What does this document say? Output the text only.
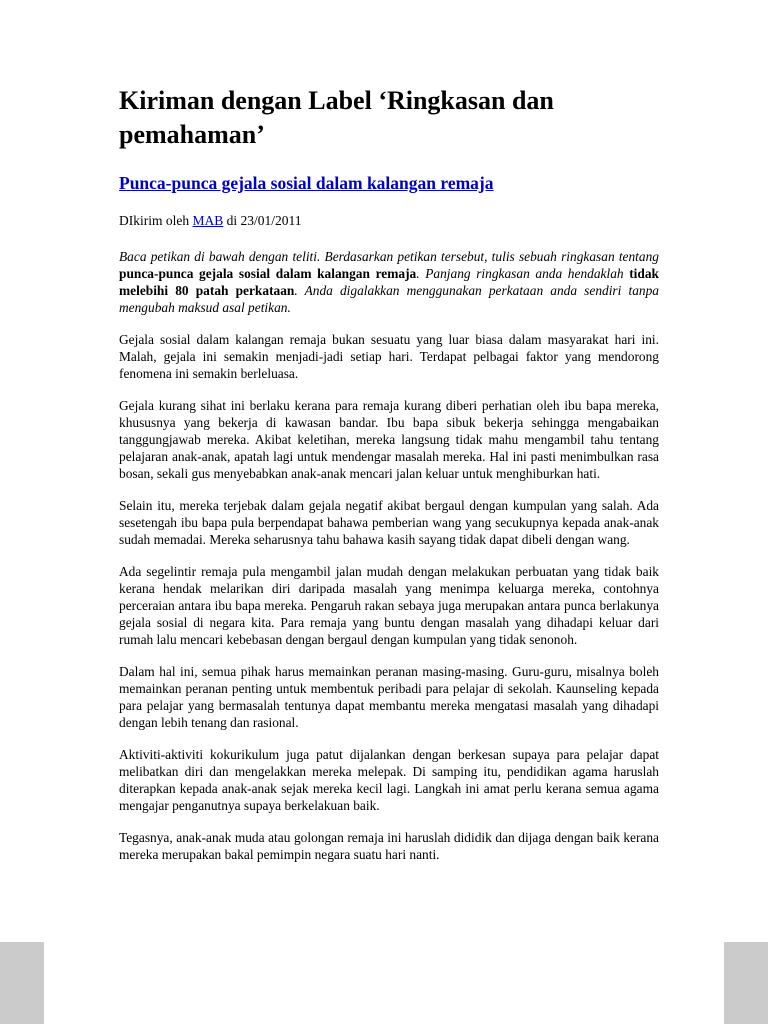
Kiriman dengan Label ‘Ringkasan dan pemahaman’
Punca-punca gejala sosial dalam kalangan remaja

DIkirim oleh MAB di 23/01/2011

Baca petikan di bawah dengan teliti. Berdasarkan petikan tersebut, tulis sebuah ringkasan tentang punca-punca gejala sosial dalam kalangan remaja. Panjang ringkasan anda hendaklah tidak melebihi 80 patah perkataan. Anda digalakkan menggunakan perkataan anda sendiri tanpa mengubah maksud asal petikan.

Gejala sosial dalam kalangan remaja bukan sesuatu yang luar biasa dalam masyarakat hari ini. Malah, gejala ini semakin menjadi-jadi setiap hari. Terdapat pelbagai faktor yang mendorong fenomena ini semakin berleluasa.

Gejala kurang sihat ini berlaku kerana para remaja kurang diberi perhatian oleh ibu bapa mereka, khususnya yang bekerja di kawasan bandar. Ibu bapa sibuk bekerja sehingga mengabaikan tanggungjawab mereka. Akibat keletihan, mereka langsung tidak mahu mengambil tahu tentang pelajaran anak-anak, apatah lagi untuk mendengar masalah mereka. Hal ini pasti menimbulkan rasa bosan, sekali gus menyebabkan anak-anak mencari jalan keluar untuk menghiburkan hati.

Selain itu, mereka terjebak dalam gejala negatif akibat bergaul dengan kumpulan yang salah. Ada sesetengah ibu bapa pula berpendapat bahawa pemberian wang yang secukupnya kepada anak-anak sudah memadai. Mereka seharusnya tahu bahawa kasih sayang tidak dapat dibeli dengan wang.

Ada segelintir remaja pula mengambil jalan mudah dengan melakukan perbuatan yang tidak baik kerana hendak melarikan diri daripada masalah yang menimpa keluarga mereka, contohnya perceraian antara ibu bapa mereka. Pengaruh rakan sebaya juga merupakan antara punca berlakunya gejala sosial di negara kita. Para remaja yang buntu dengan masalah yang dihadapi keluar dari rumah lalu mencari kebebasan dengan bergaul dengan kumpulan yang tidak senonoh.

Dalam hal ini, semua pihak harus memainkan peranan masing-masing. Guru-guru, misalnya boleh memainkan peranan penting untuk membentuk peribadi para pelajar di sekolah. Kaunseling kepada para pelajar yang bermasalah tentunya dapat membantu mereka mengatasi masalah yang dihadapi dengan lebih tenang dan rasional.

Aktiviti-aktiviti kokurikulum juga patut dijalankan dengan berkesan supaya para pelajar dapat melibatkan diri dan mengelakkan mereka melepak. Di samping itu, pendidikan agama haruslah diterapkan kepada anak-anak sejak mereka kecil lagi. Langkah ini amat perlu kerana semua agama mengajar penganutnya supaya berkelakuan baik.

Tegasnya, anak-anak muda atau golongan remaja ini haruslah dididik dan dijaga dengan baik kerana mereka merupakan bakal pemimpin negara suatu hari nanti.
